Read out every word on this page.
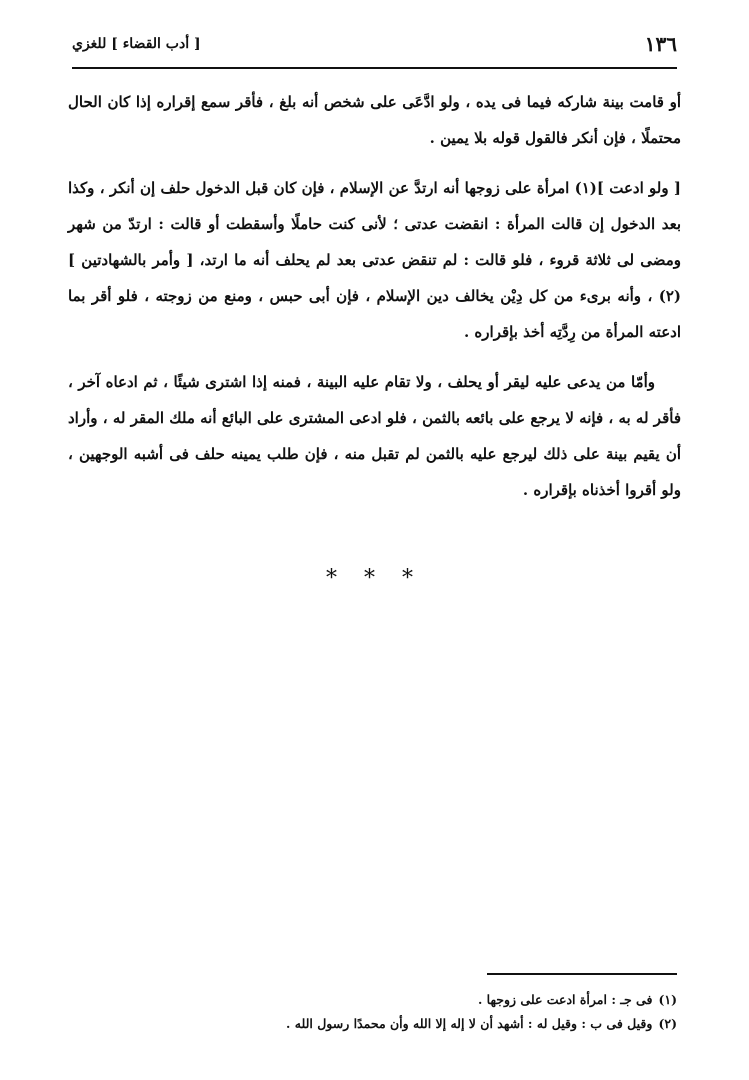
١٣٦
[ أدب القضاء ] للغزي

أو قامت بينة شاركه فيما فى يده ، ولو ادَّعَى على شخص أنه بلغ ، فأقر سمع إقراره إذا كان الحال محتملًا ، فإن أنكر فالقول قوله بلا يمين .

[ ولو ادعت ](١) امرأة على زوجها أنه ارتدَّ عن الإسلام ، فإن كان قبل الدخول حلف إن أنكر ، وكذا بعد الدخول إن قالت المرأة : انقضت عدتى ؛ لأنى كنت حاملًا وأسقطت أو قالت : ارتدّ من شهر ومضى لى ثلاثة قروء ، فلو قالت : لم تنقض عدتى بعد لم يحلف أنه ما ارتد، [ وأمر بالشهادتين ](٢) ، وأنه برىء من كل دِيْن يخالف دين الإسلام ، فإن أبى حبس ، ومنع من زوجته ، فلو أقر بما ادعته المرأة من رِدَّتِه أخذ بإقراره .

وأمّا من يدعى عليه ليقر أو يحلف ، ولا تقام عليه البينة ، فمنه إذا اشترى شيئًا ، ثم ادعاه آخر ، فأقر له به ، فإنه لا يرجع على بائعه بالثمن ، فلو ادعى المشترى على البائع أنه ملك المقر له ، وأراد أن يقيم بينة على ذلك ليرجع عليه بالثمن لم تقبل منه ، فإن طلب يمينه حلف فى أشبه الوجهين ، ولو أقروا أخذناه بإقراره .

* * *

(١)فى جـ : امرأة ادعت على زوجها .

(٢)وقيل فى ب : وقيل له : أشهد أن لا إله إلا الله وأن محمدًا رسول الله .
